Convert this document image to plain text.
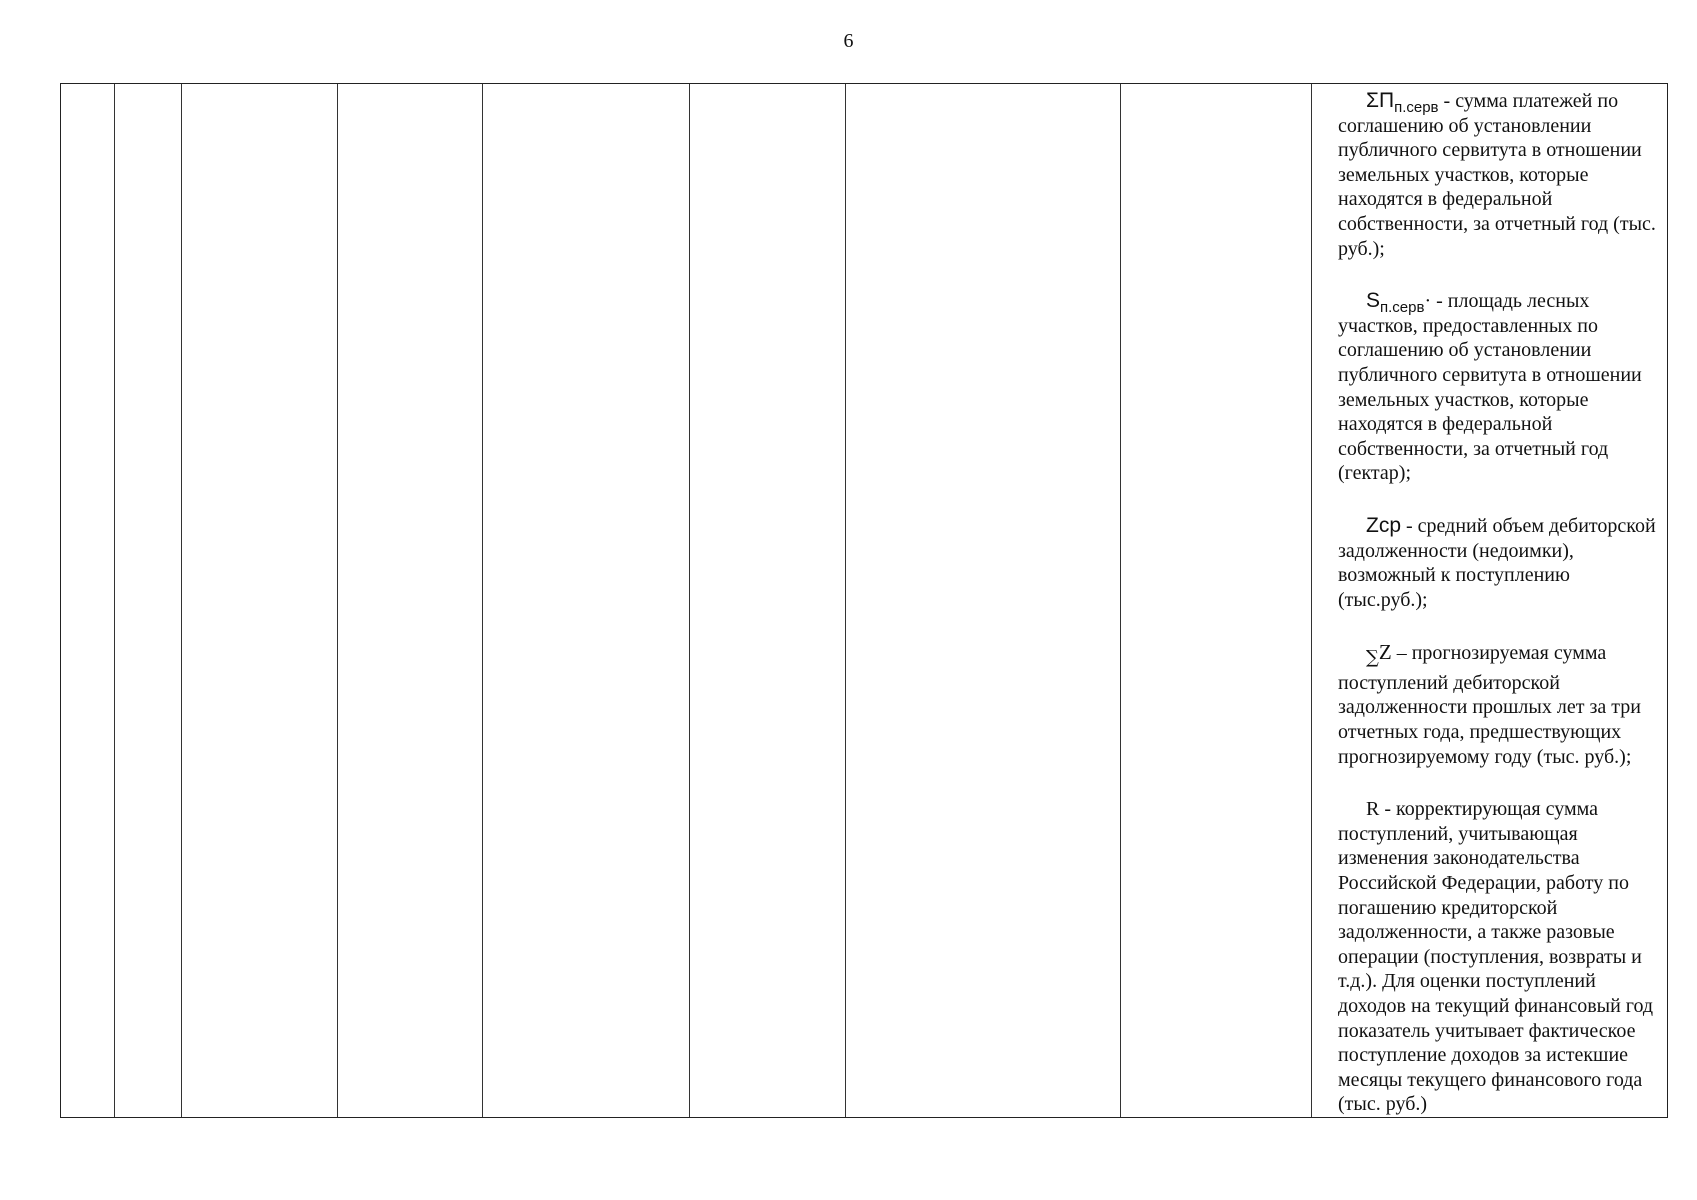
6

$\Sigma П_{п.серв}$ - сумма платежей по соглашению об установлении публичного сервитута в отношении земельных участков, которые находятся в федеральной собственности, за отчетный год (тыс. руб.);

$S_{п.серв}\cdot$ - площадь лесных участков, предоставленных по соглашению об установлении публичного сервитута в отношении земельных участков, которые находятся в федеральной собственности, за отчетный год (гектар);

Zср - средний объем дебиторской задолженности (недоимки), возможный к поступлению (тыс.руб.);

∑Z – прогнозируемая сумма поступлений дебиторской задолженности прошлых лет за три отчетных года, предшествующих прогнозируемому году (тыс. руб.);

R - корректирующая сумма поступлений, учитывающая изменения законодательства Российской Федерации, работу по погашению кредиторской задолженности, а также разовые операции (поступления, возвраты и т.д.). Для оценки поступлений доходов на текущий финансовый год показатель учитывает фактическое поступление доходов за истекшие месяцы текущего финансового года (тыс. руб.)
